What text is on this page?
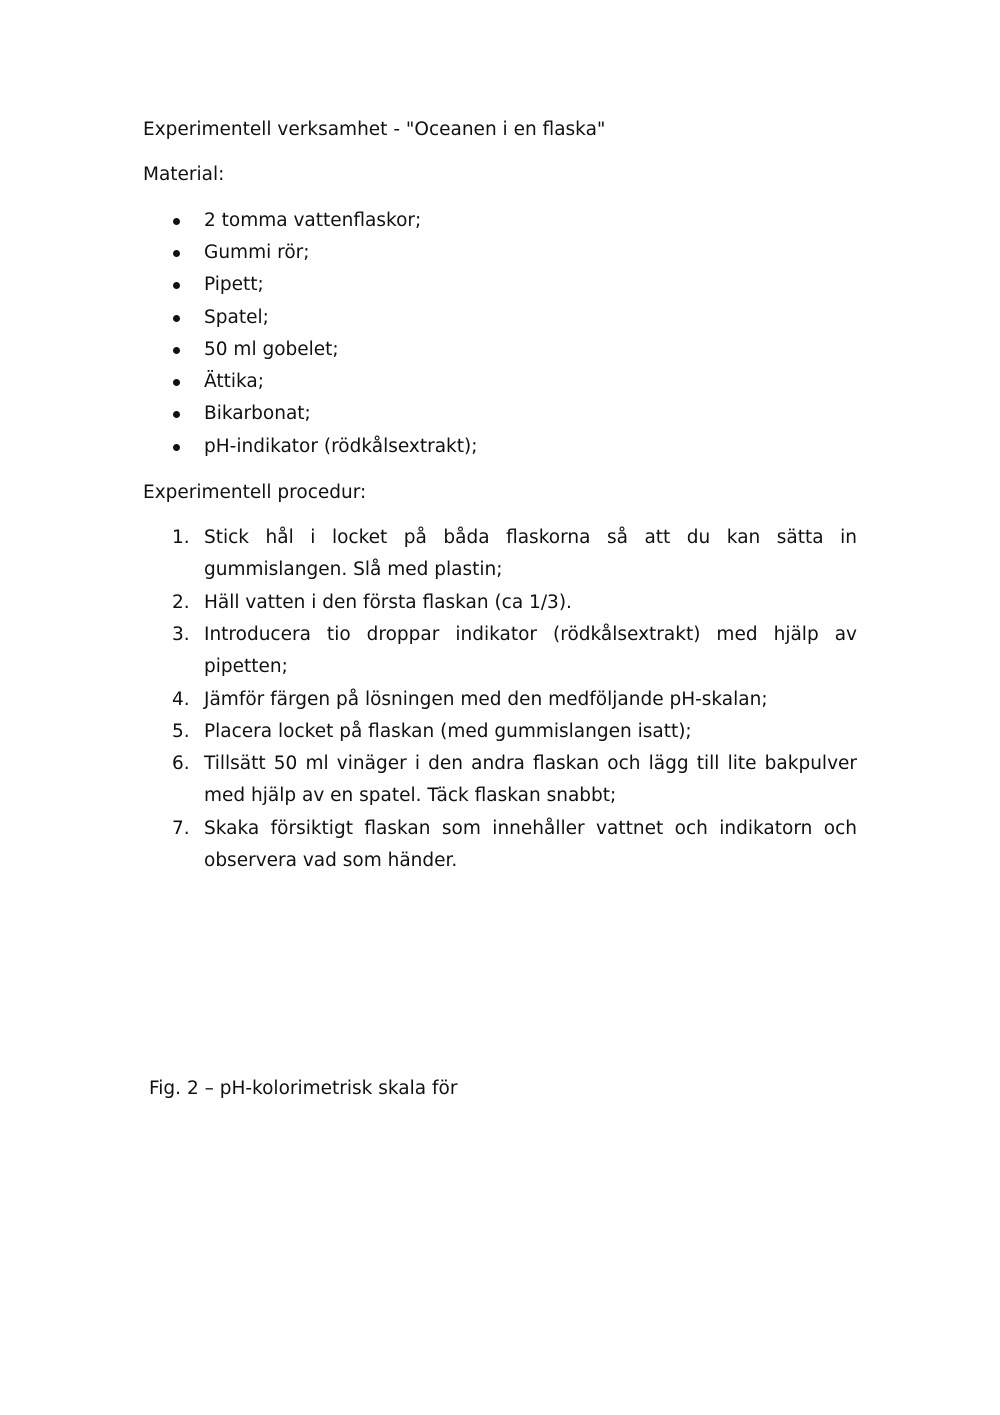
Experimentell verksamhet - "Oceanen i en flaska"
Material:
2 tomma vattenflaskor;
Gummi rör;
Pipett;
Spatel;
50 ml gobelet;
Ättika;
Bikarbonat;
pH-indikator (rödkålsextrakt);
Experimentell procedur:
1. Stick hål i locket på båda flaskorna så att du kan sätta in gummislangen. Slå med plastin;
2. Häll vatten i den första flaskan (ca 1/3).
3. Introducera tio droppar indikator (rödkålsextrakt) med hjälp av pipetten;
4. Jämför färgen på lösningen med den medföljande pH-skalan;
5. Placera locket på flaskan (med gummislangen isatt);
6. Tillsätt 50 ml vinäger i den andra flaskan och lägg till lite bakpulver med hjälp av en spatel. Täck flaskan snabbt;
7. Skaka försiktigt flaskan som innehåller vattnet och indikatorn och observera vad som händer.
Fig. 2 – pH-kolorimetrisk skala för
